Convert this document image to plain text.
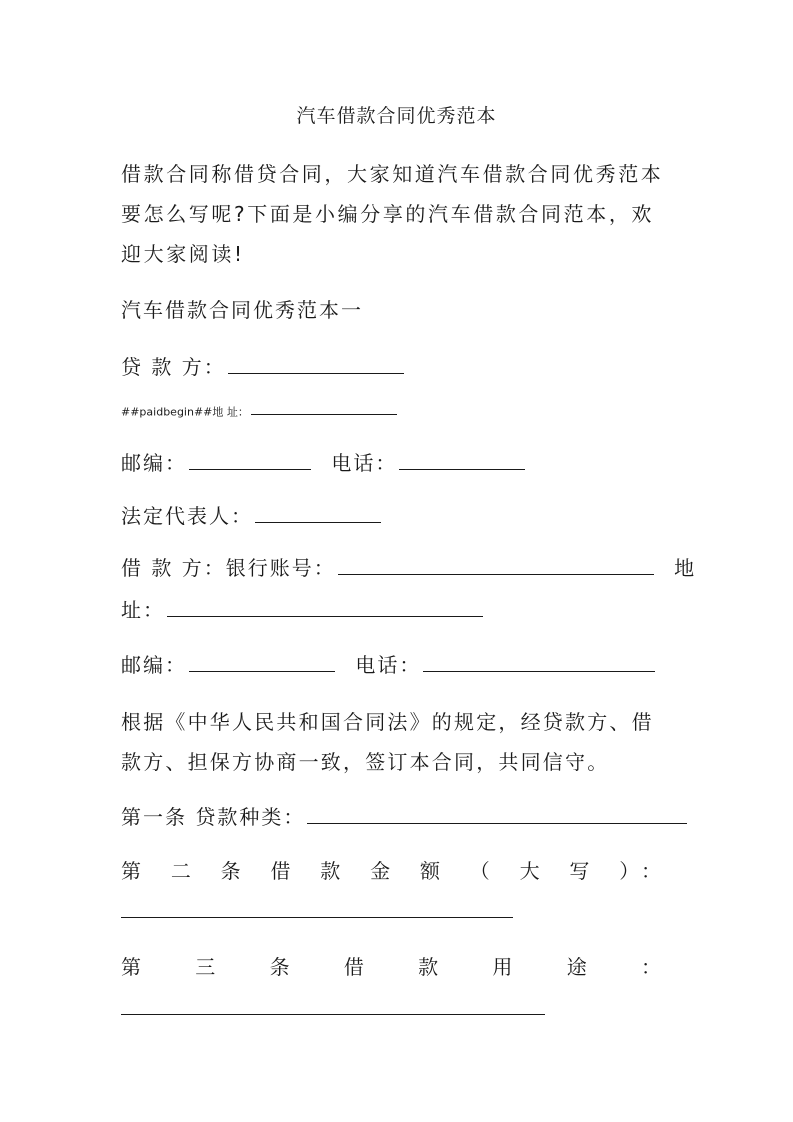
汽车借款合同优秀范本
借款合同称借贷合同，大家知道汽车借款合同优秀范本要怎么写呢?下面是小编分享的汽车借款合同范本，欢迎大家阅读!
汽车借款合同优秀范本一
贷 款 方：
##paidbegin##地 址：
邮编：	电话：
法定代表人：
借 款 方：银行账号：	地
址：
邮编：	电话：
根据《中华人民共和国合同法》的规定，经贷款方、借款方、担保方协商一致，签订本合同，共同信守。
第一条 贷款种类：
第 二 条 借 款 金 额 （ 大 写 ）：
第 三 条 借 款 用 途 ：
